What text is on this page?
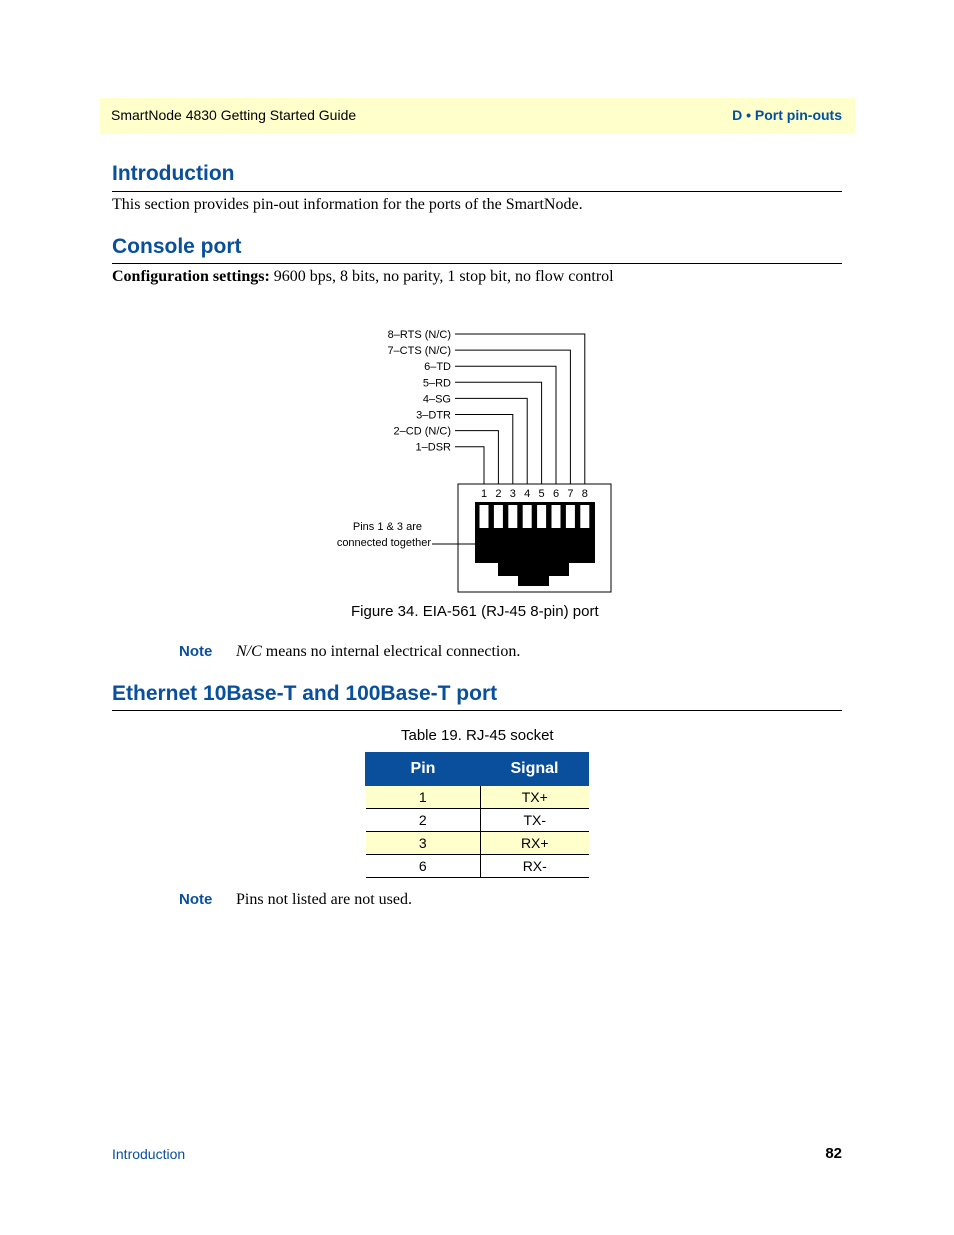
SmartNode 4830 Getting Started Guide	D • Port pin-outs
Introduction
This section provides pin-out information for the ports of the SmartNode.
Console port
Configuration settings: 9600 bps, 8 bits, no parity, 1 stop bit, no flow control
8–RTS (N/C)
7–CTS (N/C)
6–TD
5–RD
4–SG
3–DTR
2–CD (N/C)
1–DSR
1 2 3 4 5 6 7 8
Pins 1 & 3 are
connected together
Figure 34. EIA-561 (RJ-45 8-pin) port
Note N/C means no internal electrical connection.
Ethernet 10Base-T and 100Base-T port
Table 19. RJ-45 socket
Pin	Signal
1	TX+
2	TX-
3	RX+
6	RX-
Note Pins not listed are not used.
Introduction	82
